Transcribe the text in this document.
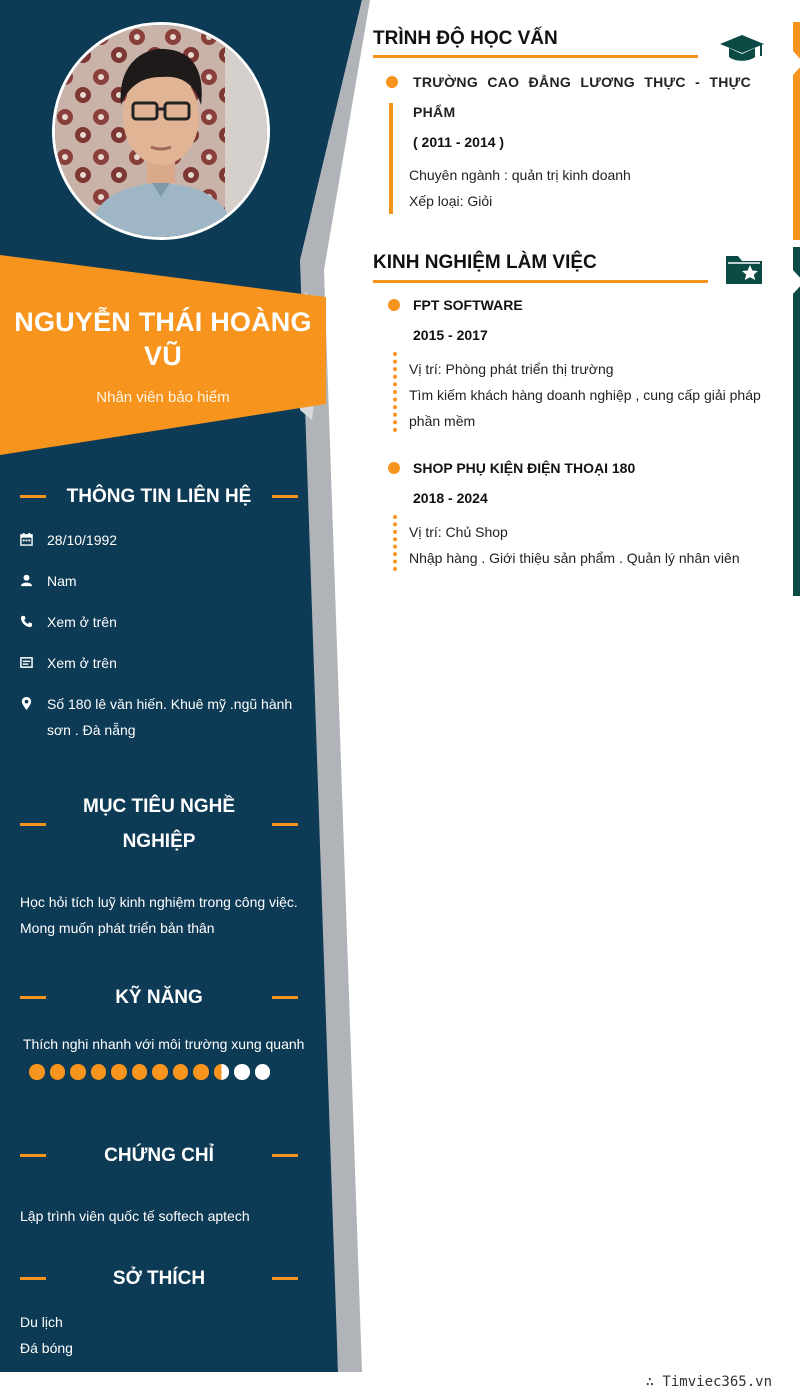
NGUYỄN THÁI HOÀNG VŨ
Nhân viên bảo hiểm
THÔNG TIN LIÊN HỆ
28/10/1992
Nam
Xem ở trên
Xem ở trên
Số 180 lê văn hiến. Khuê mỹ .ngũ hành sơn . Đà nẵng
MỤC TIÊU NGHỀ NGHIỆP
Học hỏi tích luỹ kinh nghiệm trong công việc. Mong muốn phát triển bản thân
KỸ NĂNG
Thích nghi nhanh với môi trường xung quanh
CHỨNG CHỈ
Lập trình viên quốc tế softech aptech
SỞ THÍCH
Du lịch
Đá bóng
TRÌNH ĐỘ HỌC VẤN
TRƯỜNG CAO ĐẲNG LƯƠNG THỰC - THỰC PHẨM
( 2011 - 2014 )
Chuyên ngành : quản trị kinh doanh
Xếp loại: Giỏi
KINH NGHIỆM LÀM VIỆC
FPT SOFTWARE
2015 - 2017
Vị trí: Phòng phát triển thị trường
Tìm kiếm khách hàng doanh nghiệp , cung cấp giải pháp phần mềm
SHOP PHỤ KIỆN ĐIỆN THOẠI 180
2018 - 2024
Vị trí: Chủ Shop
Nhập hàng . Giới thiệu sản phẩm . Quản lý nhân viên
∴ Timviec365.vn
